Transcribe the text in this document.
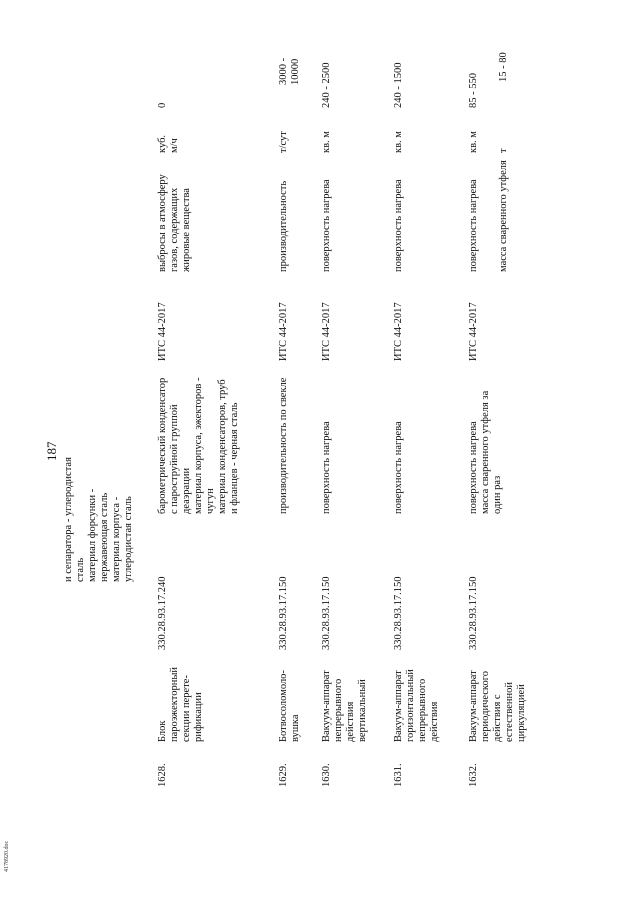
187
и сепаратора - углеродистая
сталь
материал форсунки -
нержавеющая сталь
материал корпуса -
углеродистая сталь
4178920.doc
1628.
Блок
пароэжекторный
секции перете-
рификации
330.28.93.17.240
барометрический конденсатор
с пароструйной группой
деаэрации
материал корпуса, эжекторов -
чугун
материал конденсаторов, труб
и фланцев - черная сталь
ИТС 44-2017
выбросы в атмосферу
газов, содержащих
жировые вещества
куб.
м/ч
0
1629.
Ботвосоломоло-
вушка
330.28.93.17.150
производительность по свекле
ИТС 44-2017
производительность
т/сут
3000 -
10000
1630.
Вакуум-аппарат
непрерывного
действия
вертикальный
330.28.93.17.150
поверхность нагрева
ИТС 44-2017
поверхность нагрева
кв. м
240 - 2500
1631.
Вакуум-аппарат
горизонтальный
непрерывного
действия
330.28.93.17.150
поверхность нагрева
ИТС 44-2017
поверхность нагрева
кв. м
240 - 1500
1632.
Вакуум-аппарат
периодического
действия с
естественной
циркуляцией
330.28.93.17.150
поверхность нагрева
масса сваренного утфеля за
один раз
ИТС 44-2017
поверхность нагрева
кв. м
85 - 550
масса сваренного утфеля
т
15 - 80
